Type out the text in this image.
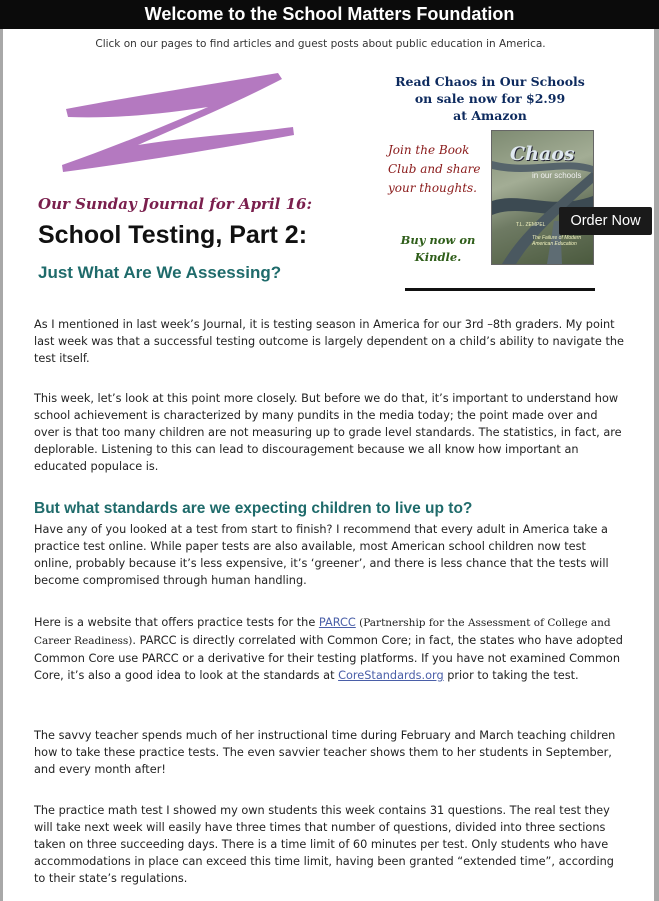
Welcome to the School Matters Foundation
Click on our pages to find articles and guest posts about public education in America.
Our Sunday Journal for April 16:
School Testing, Part 2:
Just What Are We Assessing?
Read Chaos in Our Schools
on sale now for $2.99
at Amazon
Join the Book Club and share your thoughts.
Buy now on Kindle.
Chaos
in our schools
T.L. ZEMPEL
The Failure of Modern American Education
Order Now
As I mentioned in last week’s Journal, it is testing season in America for our 3rd –8th graders. My point last week was that a successful testing outcome is largely dependent on a child’s ability to navigate the test itself.
This week, let’s look at this point more closely. But before we do that, it’s important to understand how school achievement is characterized by many pundits in the media today; the point made over and over is that too many children are not measuring up to grade level standards. The statistics, in fact, are deplorable. Listening to this can lead to discouragement because we all know how important an educated populace is.
But what standards are we expecting children to live up to?
Have any of you looked at a test from start to finish? I recommend that every adult in America take a practice test online. While paper tests are also available, most American school children now test online, probably because it’s less expensive, it’s ‘greener’, and there is less chance that the tests will become compromised through human handling.
Here is a website that offers practice tests for the PARCC (Partnership for the Assessment of College and Career Readiness). PARCC is directly correlated with Common Core; in fact, the states who have adopted Common Core use PARCC or a derivative for their testing platforms. If you have not examined Common Core, it’s also a good idea to look at the standards at CoreStandards.org prior to taking the test.
The savvy teacher spends much of her instructional time during February and March teaching children how to take these practice tests. The even savvier teacher shows them to her students in September, and every month after!
The practice math test I showed my own students this week contains 31 questions. The real test they will take next week will easily have three times that number of questions, divided into three sections taken on three succeeding days. There is a time limit of 60 minutes per test. Only students who have accommodations in place can exceed this time limit, having been granted “extended time”, according to their state’s regulations.
